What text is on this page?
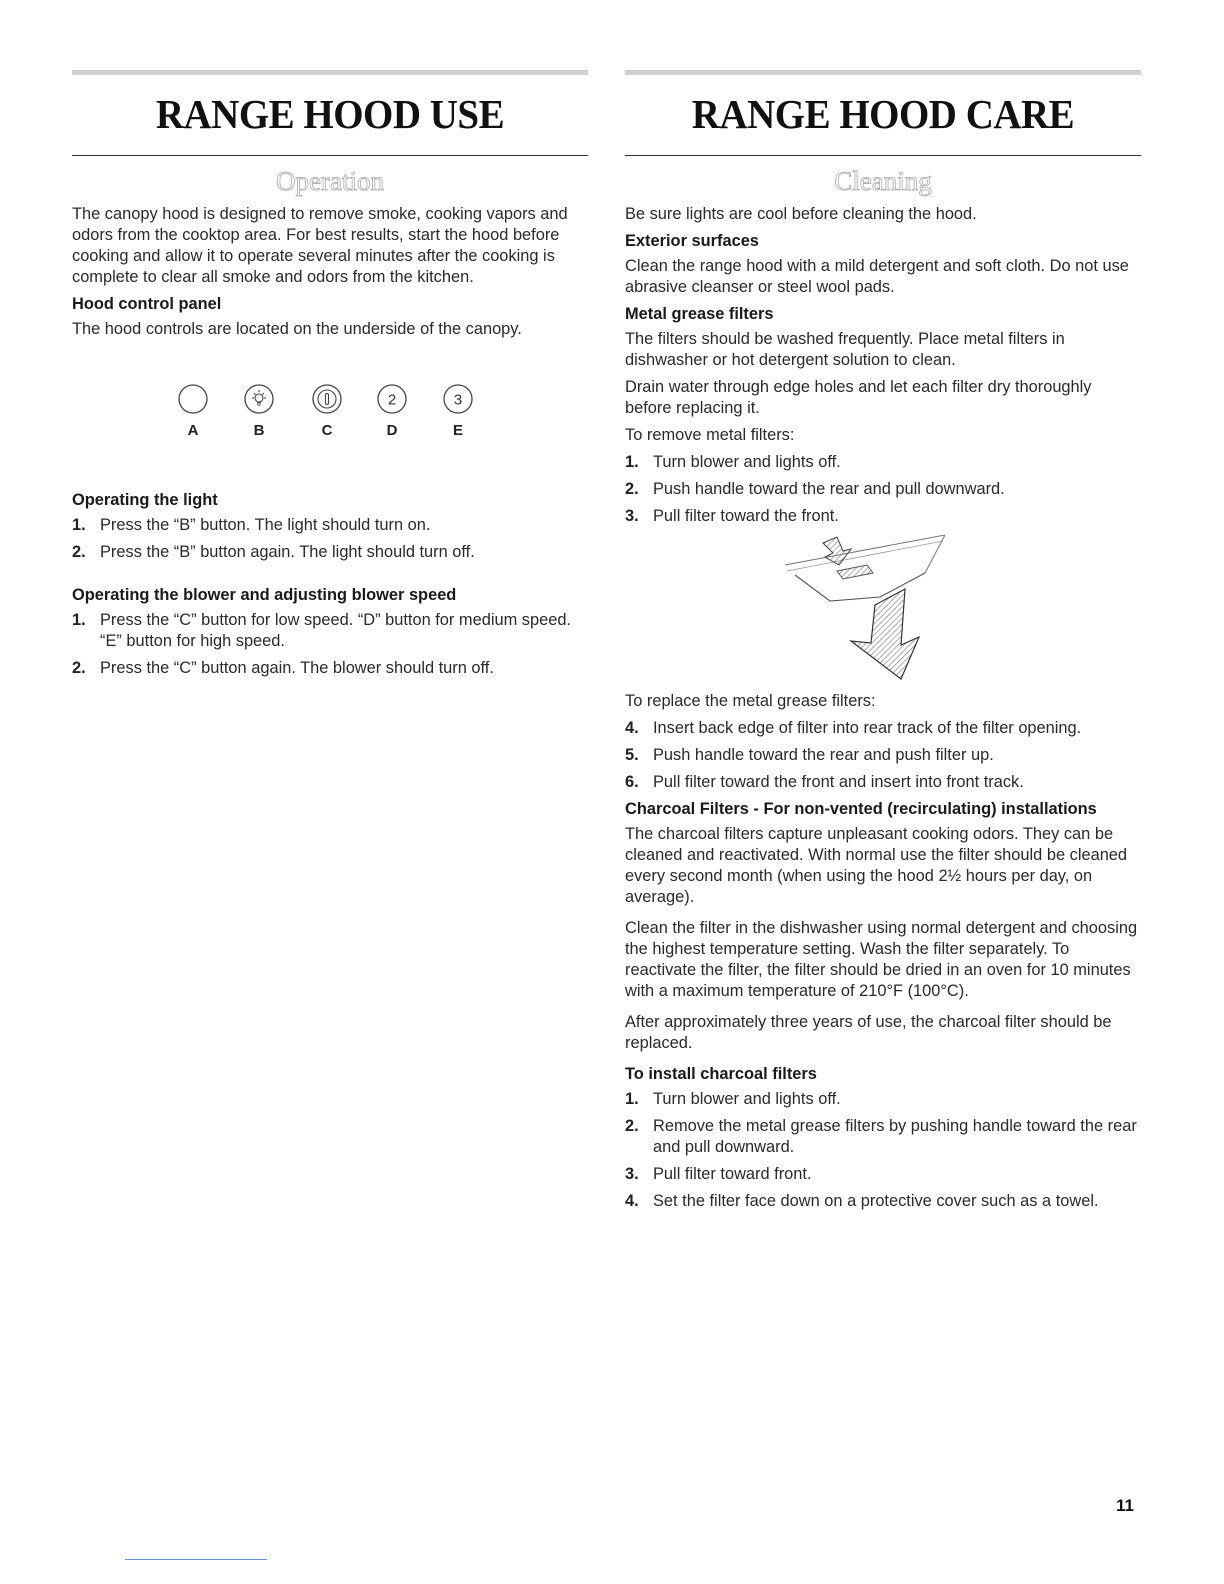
RANGE HOOD USE
Operation

The canopy hood is designed to remove smoke, cooking vapors and odors from the cooktop area. For best results, start the hood before cooking and allow it to operate several minutes after the cooking is complete to clear all smoke and odors from the kitchen.

Hood control panel

The hood controls are located on the underside of the canopy.

A	B	C
2
D
3
E
Operating the light
1. Press the “B” button. The light should turn on.
2. Press the “B” button again. The light should turn off.
Operating the blower and adjusting blower speed
1. Press the “C” button for low speed. “D” button for medium speed. “E” button for high speed.
2. Press the “C” button again. The blower should turn off.
RANGE HOOD CARE
Cleaning

Be sure lights are cool before cleaning the hood.

Exterior surfaces

Clean the range hood with a mild detergent and soft cloth. Do not use abrasive cleanser or steel wool pads.

Metal grease filters

The filters should be washed frequently. Place metal filters in dishwasher or hot detergent solution to clean.

Drain water through edge holes and let each filter dry thoroughly before replacing it.

To remove metal filters:

1. Turn blower and lights off.
2. Push handle toward the rear and pull downward.
3. Pull filter toward the front.

To replace the metal grease filters:

4. Insert back edge of filter into rear track of the filter opening.
5. Push handle toward the rear and push filter up.
6. Pull filter toward the front and insert into front track.
Charcoal Filters - For non-vented (recirculating) installations

The charcoal filters capture unpleasant cooking odors. They can be cleaned and reactivated. With normal use the filter should be cleaned every second month (when using the hood 2½ hours per day, on average).

Clean the filter in the dishwasher using normal detergent and choosing the highest temperature setting. Wash the filter separately. To reactivate the filter, the filter should be dried in an oven for 10 minutes with a maximum temperature of 210°F (100°C).

After approximately three years of use, the charcoal filter should be replaced.

To install charcoal filters
1. Turn blower and lights off.
2. Remove the metal grease filters by pushing handle toward the rear and pull downward.
3. Pull filter toward front.
4. Set the filter face down on a protective cover such as a towel.
11
